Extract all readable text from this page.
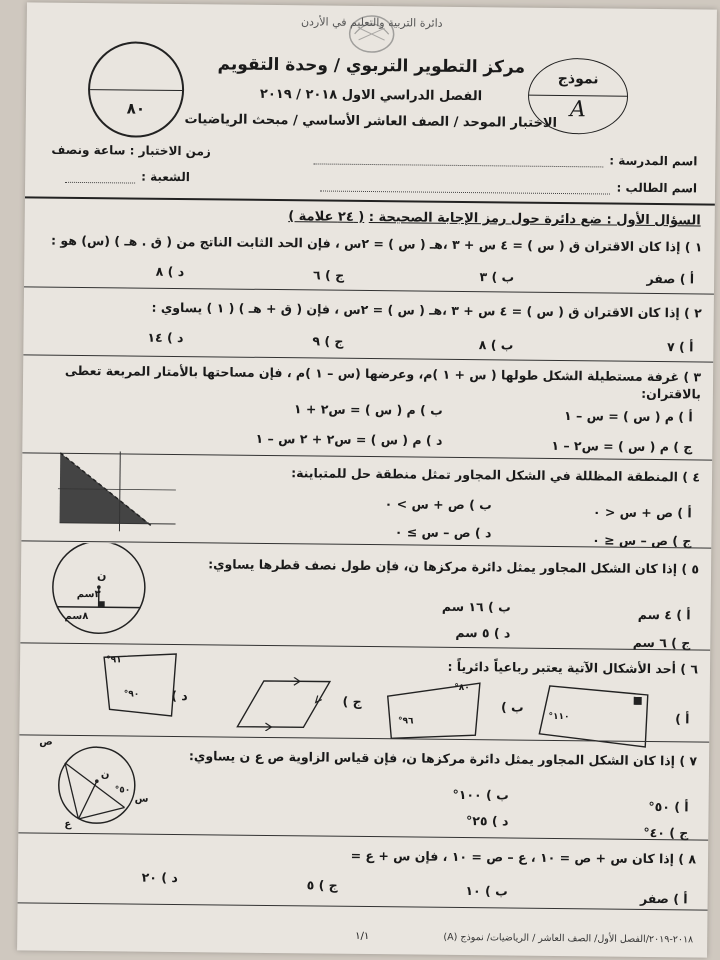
دائرة التربية والتعليم في الأردن
مركز التطوير التربوي / وحدة التقويم
الفصل الدراسي الاول ٢٠١٨ / ٢٠١٩
الاختبار الموحد / الصف العاشر الأساسي / مبحث الرياضيات
٨٠
نموذج
A
اسم المدرسة :
زمن الاختبار : ساعة ونصف
اسم الطالب :
الشعبة :
السؤال الأول : ضع دائرة حول رمز الإجابة الصحيحة : ( ٢٤ علامة )
١ ) إذا كان الاقتران ق ( س ) = ٤ س + ٣ ،هـ ( س ) = ٢س ، فإن الحد الثابت الناتج من ( ق . هـ ) (س) هو :
أ ) صفر
ب ) ٣
ج ) ٦
د ) ٨
٢ ) إذا كان الاقتران ق ( س ) = ٤ س + ٣ ،هـ ( س ) = ٢س ، فإن ( ق + هـ ) ( ١ ) يساوي :
أ ) ٧
ب ) ٨
ج ) ٩
د ) ١٤
٣ ) غرفة مستطيلة الشكل طولها ( س + ١ )م، وعرضها (س – ١ )م ، فإن مساحتها بالأمتار المربعة تعطى بالاقتران:
أ ) م ( س ) = س – ١
ب ) م ( س ) = س٢ + ١
ج ) م ( س ) = س٢ – ١
د ) م ( س ) = س٢ + ٢ س – ١
٤ ) المنطقة المظللة في الشكل المجاور تمثل منطقة حل للمتباينة:
أ ) ص + س < ٠
ب ) ص + س > ٠
ج ) ص – س ≤ ٠
د ) ص – س ≥ ٠
٥ ) إذا كان الشكل المجاور يمثل دائرة مركزها ن، فإن طول نصف قطرها يساوي:
ن
٣سم
٨سم	أ ) ٤ سم
ب ) ١٦ سم
ج ) ٦ سم
د ) ٥ سم
٦ ) أحد الأشكال الآتية يعتبر رباعياً دائرياً :
أ )
١١٠°
ب )
٩٦°
٨٠°
ج )
د )
٩١°
٩٠°
٧ ) إذا كان الشكل المجاور يمثل دائرة مركزها ن، فإن قياس الزاوية ص ع ن يساوي:
ص
ن
س
ع
٥٠°
أ ) ٥٠°
ب ) ١٠٠°
ج ) ٤٠°
د ) ٢٥°
٨ ) إذا كان س + ص = ١٠ ، ع – ص = ١٠ ، فإن س + ع =
أ ) صفر
ب ) ١٠
ج ) ٥
د ) ٢٠
٢٠١٨-٢٠١٩/الفصل الأول/ الصف العاشر / الرياضيات/ نموذج (A)
١/١
